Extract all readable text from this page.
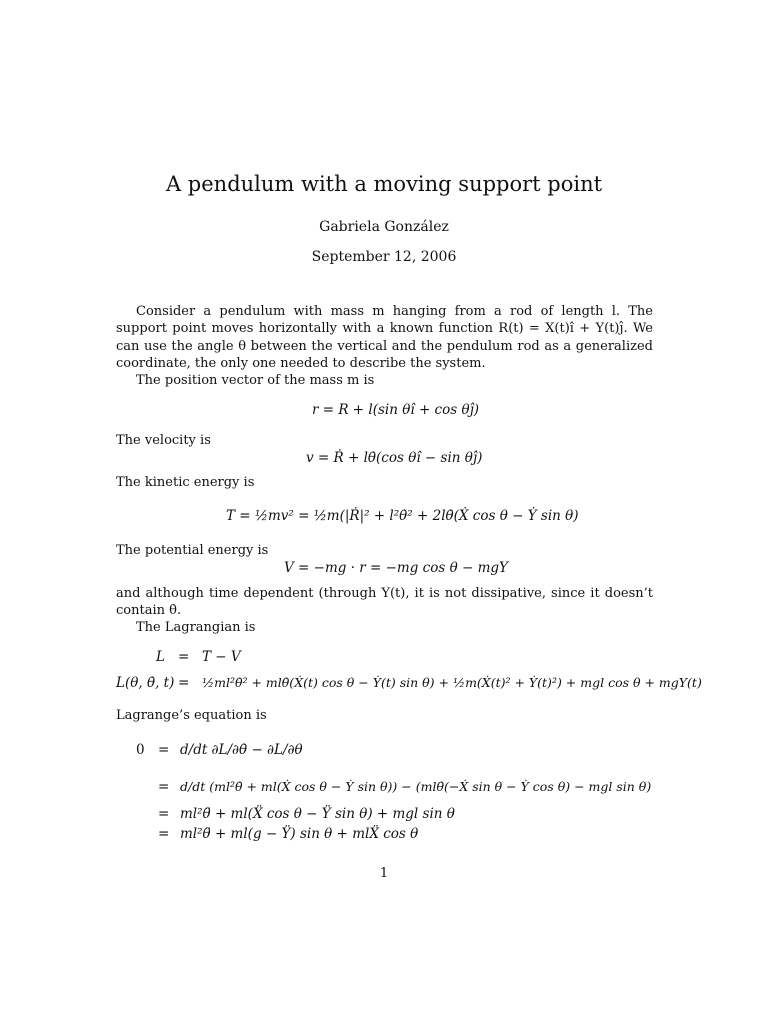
A pendulum with a moving support point
Gabriela González
September 12, 2006
Consider a pendulum with mass m hanging from a rod of length l. The support point moves horizontally with a known function R(t) = X(t)î + Y(t)ĵ. We can use the angle θ between the vertical and the pendulum rod as a generalized coordinate, the only one needed to describe the system.
The position vector of the mass m is
r = R + l(sin θî + cos θĵ)
The velocity is
v = Ṙ + lθ̇(cos θî − sin θĵ)
The kinetic energy is
T = ½mv² = ½m(|Ṙ|² + l²θ̇² + 2lθ̇(Ẋ cos θ − Ẏ sin θ)
The potential energy is
V = −mg · r = −mg cos θ − mgY
and although time dependent (through Y(t), it is not dissipative, since it doesn’t contain θ̇.
The Lagrangian is
L = T − V
L(θ, θ̇, t) = ½ml²θ̇² + mlθ̇(Ẋ(t) cos θ − Ẏ(t) sin θ) + ½m(Ẋ(t)² + Ẏ(t)²) + mgl cos θ + mgY(t)
Lagrange’s equation is
0 = d/dt ∂L/∂θ̇ − ∂L/∂θ
= d/dt (ml²θ̇ + ml(Ẋ cos θ − Ẏ sin θ)) − (mlθ̇(−Ẋ sin θ − Ẏ cos θ) − mgl sin θ)
= ml²θ̈ + ml(Ẍ cos θ − Ÿ sin θ) + mgl sin θ
= ml²θ̈ + ml(g − Ÿ) sin θ + mlẌ cos θ
1
